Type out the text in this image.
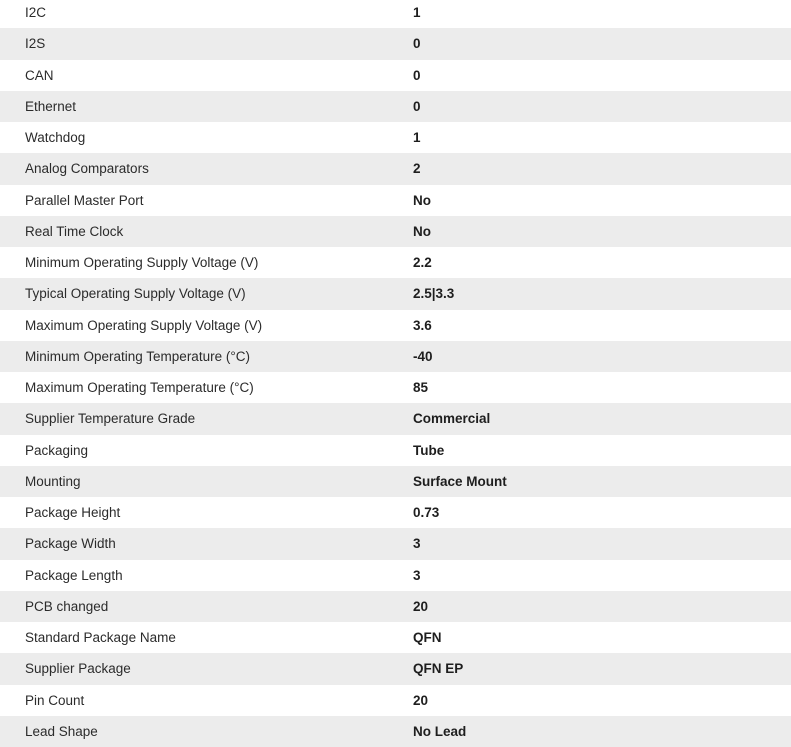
I2C	1
I2S	0
CAN	0
Ethernet	0
Watchdog	1
Analog Comparators	2
Parallel Master Port	No
Real Time Clock	No
Minimum Operating Supply Voltage (V)	2.2
Typical Operating Supply Voltage (V)	2.5|3.3
Maximum Operating Supply Voltage (V)	3.6
Minimum Operating Temperature (°C)	-40
Maximum Operating Temperature (°C)	85
Supplier Temperature Grade	Commercial
Packaging	Tube
Mounting	Surface Mount
Package Height	0.73
Package Width	3
Package Length	3
PCB changed	20
Standard Package Name	QFN
Supplier Package	QFN EP
Pin Count	20
Lead Shape	No Lead
